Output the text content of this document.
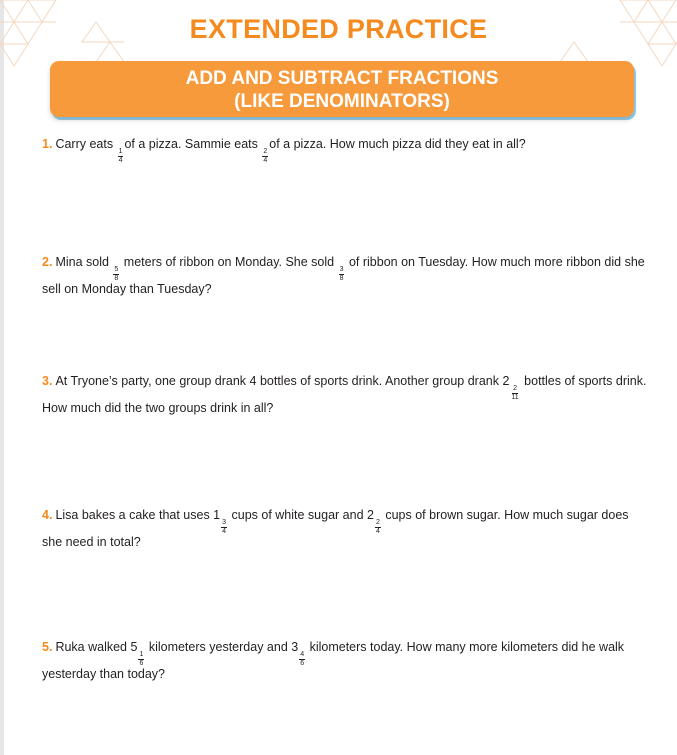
EXTENDED PRACTICE
ADD AND SUBTRACT FRACTIONS
(LIKE DENOMINATORS)
1. Carry eats
$\frac{1}{4}$
of a pizza. Sammie eats
$\frac{2}{4}$
of a pizza. How much pizza did they eat in all?
2. Mina sold
$\frac{5}{8}$
meters of ribbon on Monday. She sold
$\frac{3}{8}$
of ribbon on Tuesday. How much more ribbon did she sell on Monday than Tuesday?
3. At Tryone’s party, one group drank 4 bottles of sports drink. Another group drank 2
$\frac{2}{11}$
bottles of sports drink. How much did the two groups drink in all?
4. Lisa bakes a cake that uses 1
$\frac{3}{4}$
cups of white sugar and 2
$\frac{2}{4}$
cups of brown sugar. How much sugar does she need in total?
5. Ruka walked 5
$\frac{1}{6}$
kilometers yesterday and 3
$\frac{4}{6}$
kilometers today. How many more kilometers did he walk yesterday than today?
